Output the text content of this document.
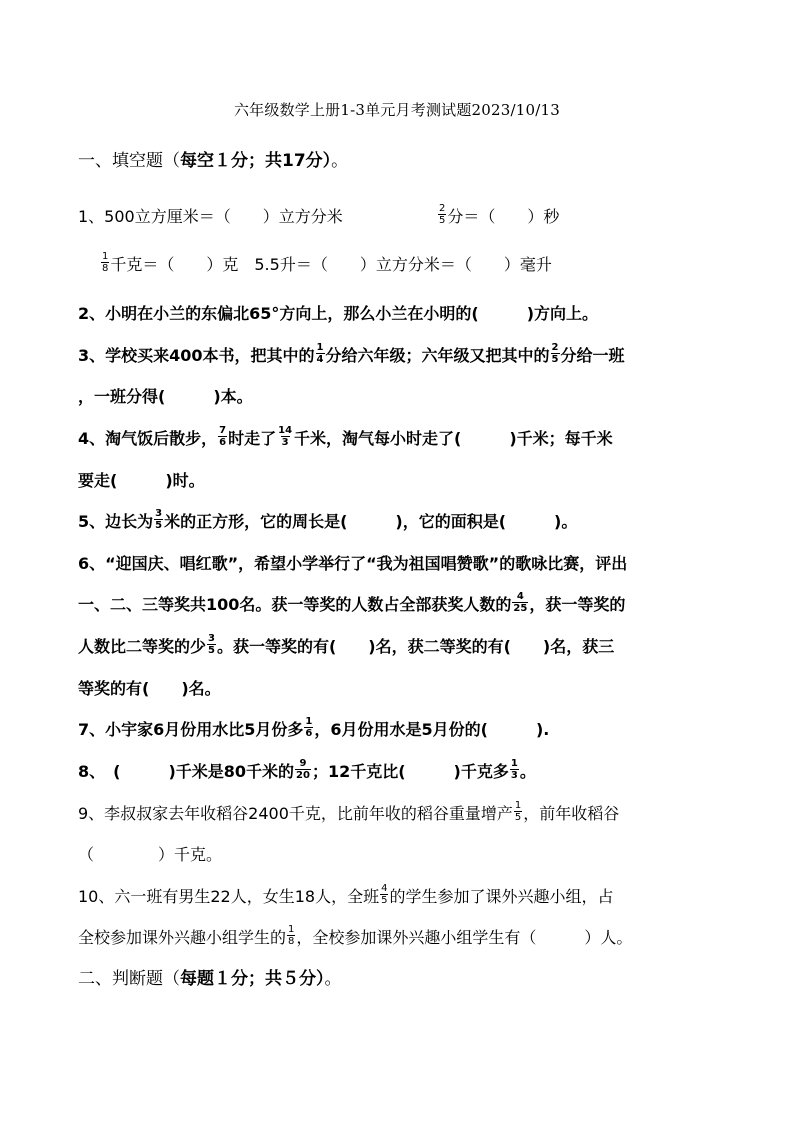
六年级数学上册1-3单元月考测试题2023/10/13
一、填空题（每空１分；共17分）。
1、500立方厘米＝（　　）立方分米	$\frac{2}{5}$ 分＝（　　）秒
$\frac{1}{8}$ 千克＝（　　）克　5.5升＝（　　）立方分米＝（　　）毫升
2、小明在小兰的东偏北65°方向上，那么小兰在小明的(　　　)方向上。
3、学校买来400本书，把其中的 $\frac{1}{4}$ 分给六年级；六年级又把其中的 $\frac{2}{5}$ 分给一班
，一班分得(　　　)本。
4、淘气饭后散步， $\frac{7}{6}$ 时走了 $\frac{14}{3}$ 千米，淘气每小时走了(　　　)千米；每千米
要走(　　　)时。
5、边长为 $\frac{3}{5}$ 米的正方形，它的周长是(　　　)，它的面积是(　　　)。
6、“迎国庆、唱红歌”，希望小学举行了“我为祖国唱赞歌”的歌咏比赛，评出
一、二、三等奖共100名。获一等奖的人数占全部获奖人数的 $\frac{4}{25}$ ，获一等奖的
人数比二等奖的少 $\frac{3}{5}$ 。获一等奖的有(　　)名，获二等奖的有(　　)名，获三
等奖的有(　　)名。
7、小宇家6月份用水比5月份多 $\frac{1}{6}$ ，6月份用水是5月份的(　　　).
8、　(　　　)千米是80千米的 $\frac{9}{20}$ ；12千克比(　　　)千克多 $\frac{1}{3}$ 。
9、李叔叔家去年收稻谷2400千克，比前年收的稻谷重量增产 $\frac{1}{5}$ ，前年收稻谷
（　　　　）千克。
10、六一班有男生22人，女生18人，全班 $\frac{4}{5}$ 的学生参加了课外兴趣小组，占
全校参加课外兴趣小组学生的 $\frac{1}{8}$ ，全校参加课外兴趣小组学生有（　　　）人。
二、判断题（每题１分；共５分）。
